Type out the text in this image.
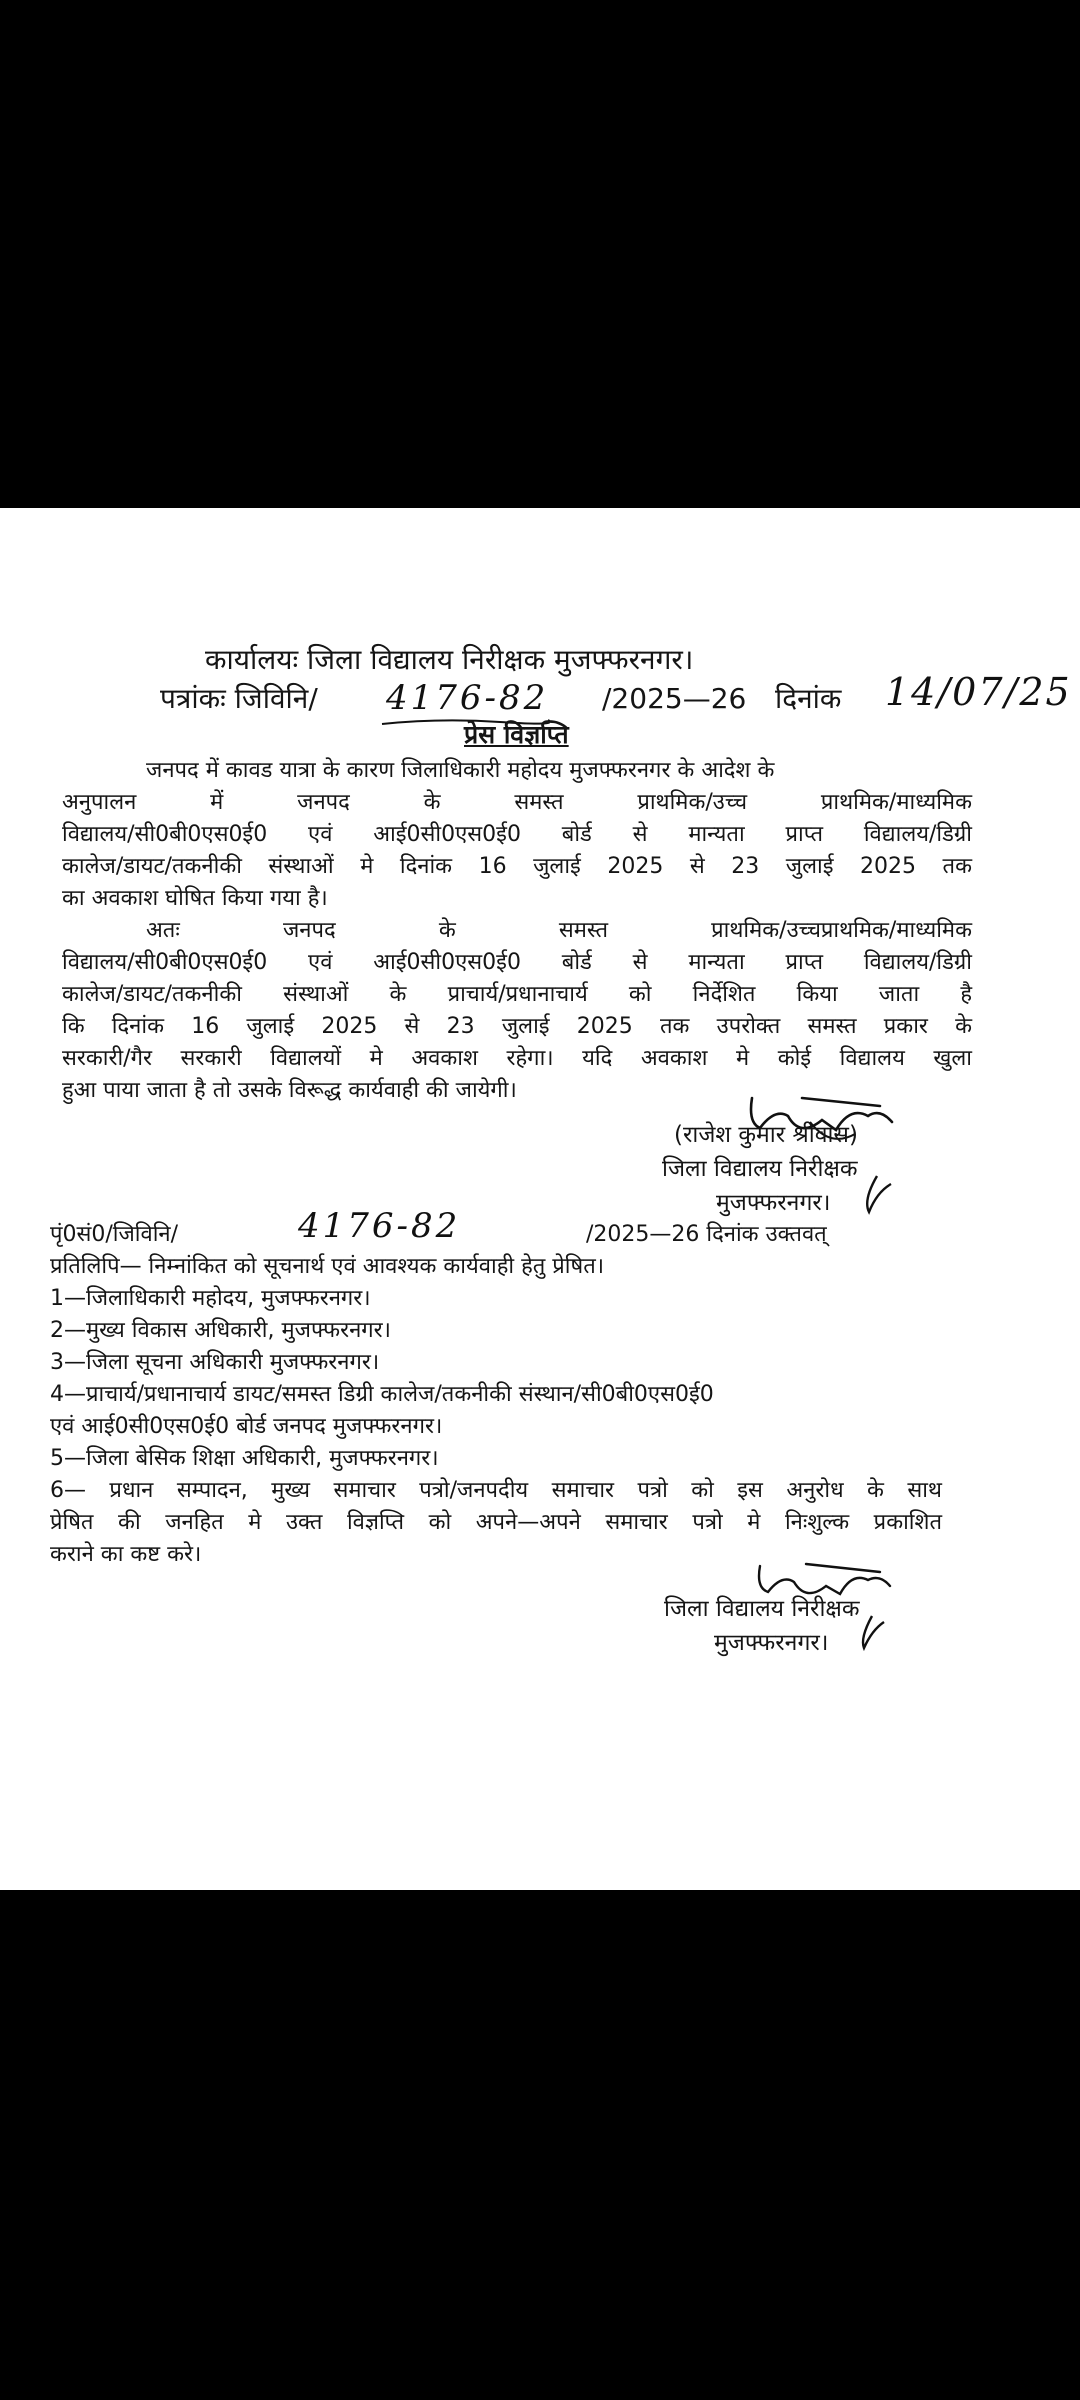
कार्यालयः जिला विद्यालय निरीक्षक मुजफ्फरनगर।
पत्रांकः जिविनि/ 4176-82 /2025—26 दिनांक 14/07/25
प्रेस विज्ञप्ति
जनपद में कावड यात्रा के कारण जिलाधिकारी महोदय मुजफ्फरनगर के आदेश के
अनुपालन में जनपद के समस्त प्राथमिक/उच्च प्राथमिक/माध्यमिक
विद्यालय/सी0बी0एस0ई0 एवं आई0सी0एस0ई0 बोर्ड से मान्यता प्राप्त विद्यालय/डिग्री
कालेज/डायट/तकनीकी संस्थाओं मे दिनांक 16 जुलाई 2025 से 23 जुलाई 2025 तक
का अवकाश घोषित किया गया है।
अतः जनपद के समस्त प्राथमिक/उच्चप्राथमिक/माध्यमिक
विद्यालय/सी0बी0एस0ई0 एवं आई0सी0एस0ई0 बोर्ड से मान्यता प्राप्त विद्यालय/डिग्री
कालेज/डायट/तकनीकी संस्थाओं के प्राचार्य/प्रधानाचार्य को निर्देशित किया जाता है
कि दिनांक 16 जुलाई 2025 से 23 जुलाई 2025 तक उपरोक्त समस्त प्रकार के
सरकारी/गैर सरकारी विद्यालयों मे अवकाश रहेगा। यदि अवकाश मे कोई विद्यालय खुला
हुआ पाया जाता है तो उसके विरूद्ध कार्यवाही की जायेगी।
(राजेश कुमार श्रीवास)
जिला विद्यालय निरीक्षक
मुजफ्फरनगर।
पृं0सं0/जिविनि/	4176-82	/2025—26 दिनांक उक्तवत्
प्रतिलिपि— निम्नांकित को सूचनार्थ एवं आवश्यक कार्यवाही हेतु प्रेषित।
1—जिलाधिकारी महोदय, मुजफ्फरनगर।
2—मुख्य विकास अधिकारी, मुजफ्फरनगर।
3—जिला सूचना अधिकारी मुजफ्फरनगर।
4—प्राचार्य/प्रधानाचार्य डायट/समस्त डिग्री कालेज/तकनीकी संस्थान/सी0बी0एस0ई0
एवं आई0सी0एस0ई0 बोर्ड जनपद मुजफ्फरनगर।
5—जिला बेसिक शिक्षा अधिकारी, मुजफ्फरनगर।
6— प्रधान सम्पादन, मुख्य समाचार पत्रो/जनपदीय समाचार पत्रो को इस अनुरोध के साथ
प्रेषित की जनहित मे उक्त विज्ञप्ति को अपने—अपने समाचार पत्रो मे निःशुल्क प्रकाशित
कराने का कष्ट करे।
जिला विद्यालय निरीक्षक
मुजफ्फरनगर।
